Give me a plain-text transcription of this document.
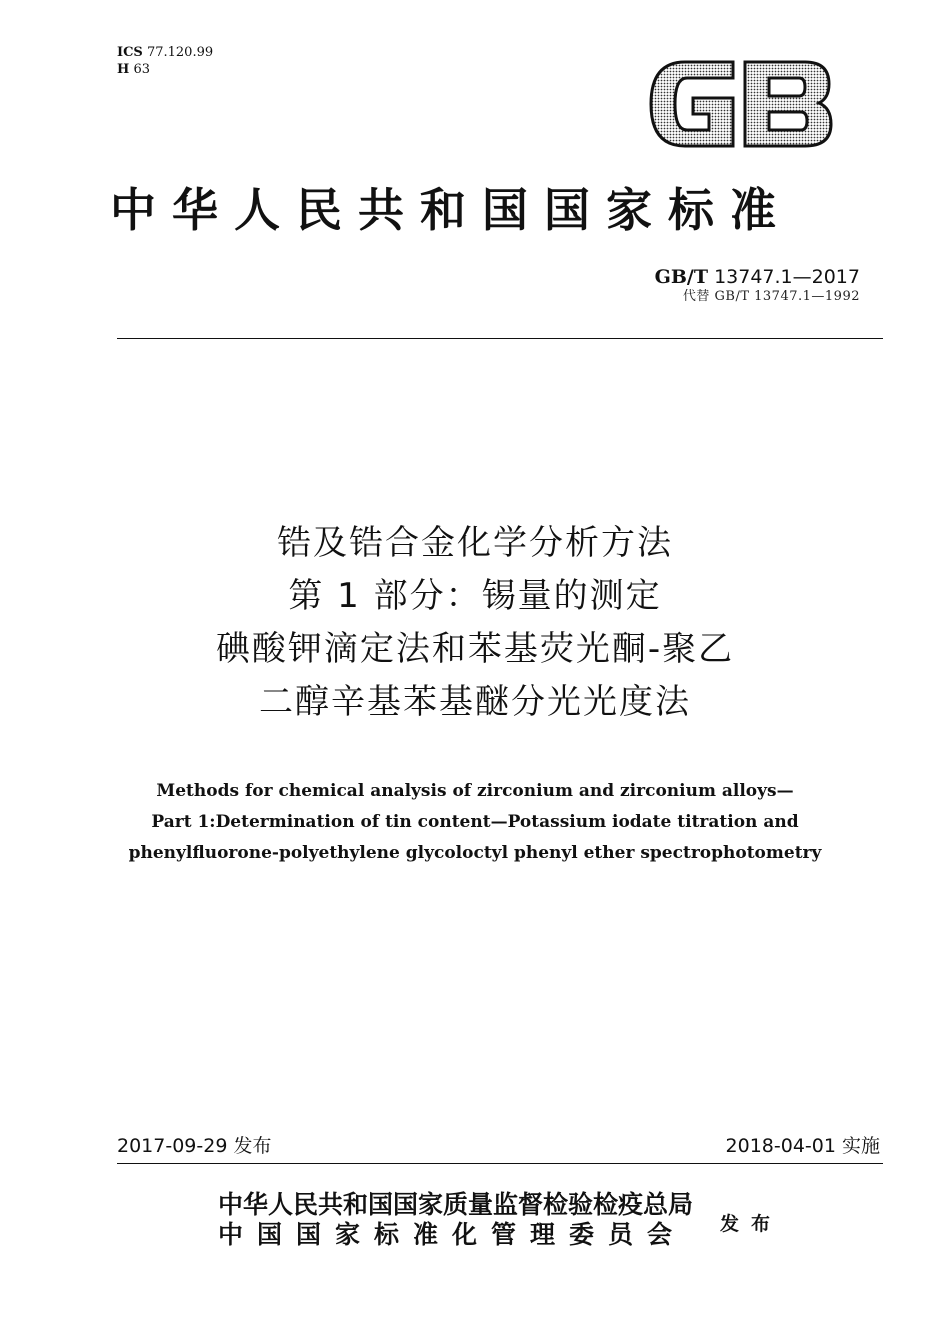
ICS 77.120.99
H 63
中华人民共和国国家标准
GB/T 13747.1—2017
代替 GB/T 13747.1—1992
锆及锆合金化学分析方法
第 1 部分：锡量的测定
碘酸钾滴定法和苯基荧光酮-聚乙
二醇辛基苯基醚分光光度法
Methods for chemical analysis of zirconium and zirconium alloys—
Part 1:Determination of tin content—Potassium iodate titration and
phenylfluorone-polyethylene glycoloctyl phenyl ether spectrophotometry
2017-09-29 发布	2018-04-01 实施
中华人民共和国国家质量监督检验检疫总局
中国国家标准化管理委员会	发布
